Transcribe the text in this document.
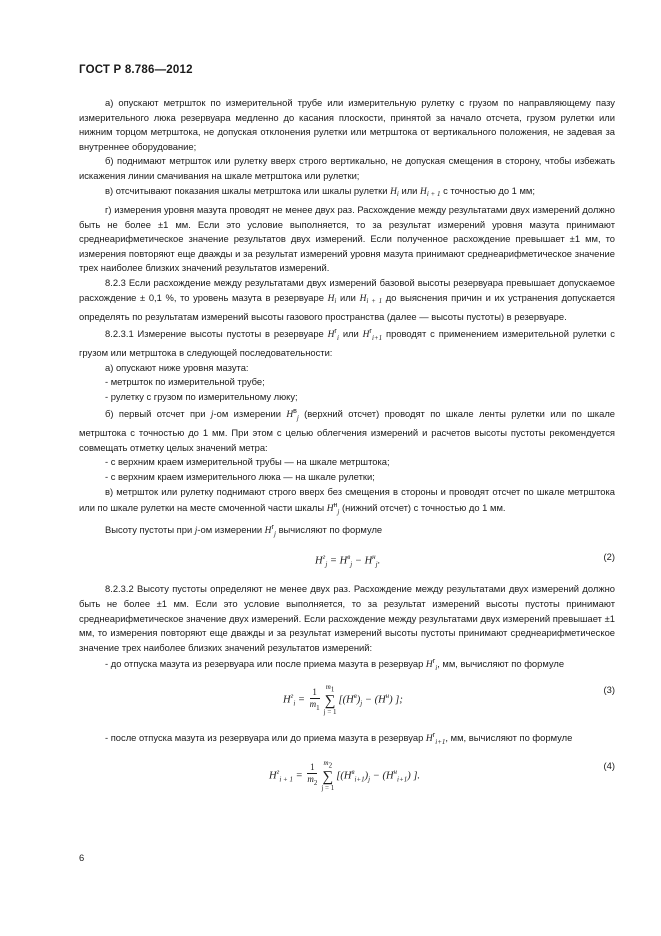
ГОСТ Р 8.786—2012

а) опускают метршток по измерительной трубе или измерительную рулетку с грузом по направляющему пазу измерительного люка резервуара медленно до касания плоскости, принятой за начало отсчета, грузом рулетки или нижним торцом метрштока, не допуская отклонения рулетки или метрштока от вертикального положения, не задевая за внутреннее оборудование;

б) поднимают метршток или рулетку вверх строго вертикально, не допуская смещения в сторону, чтобы избежать искажения линии смачивания на шкале метрштока или рулетки;

в) отсчитывают показания шкалы метрштока или шкалы рулетки $H_i$ или $H_{i + 1}$ с точностью до 1 мм;

г) измерения уровня мазута проводят не менее двух раз. Расхождение между результатами двух измерений должно быть не более ±1 мм. Если это условие выполняется, то за результат измерений уровня мазута принимают среднеарифметическое значение результатов двух измерений. Если полученное расхождение превышает ±1 мм, то измерения повторяют еще дважды и за результат измерений уровня мазута принимают среднеарифметическое значение трех наиболее близких значений результатов измерений.

8.2.3 Если расхождение между результатами двух измерений базовой высоты резервуара превышает допускаемое расхождение ± 0,1 %, то уровень мазута в резервуаре $H_i$ или $H_{i + 1}$ до выяснения причин и их устранения допускается определять по результатам измерений высоты газового пространства (далее — высоты пустоты) в резервуаре.

8.2.3.1 Измерение высоты пустоты в резервуаре $H^г_i$ или $H^г_{i+1}$ проводят с применением измерительной рулетки с грузом или метрштока в следующей последовательности:

а) опускают ниже уровня мазута:

- метршток по измерительной трубе;

- рулетку с грузом по измерительному люку;

б) первый отсчет при j-ом измерении $H^в_j$ (верхний отсчет) проводят по шкале ленты рулетки или по шкале метрштока с точностью до 1 мм. При этом с целью облегчения измерений и расчетов высоты пустоты рекомендуется совмещать отметку целых значений метра:

- с верхним краем измерительной трубы — на шкале метрштока;

- с верхним краем измерительного люка — на шкале рулетки;

в) метршток или рулетку поднимают строго вверх без смещения в стороны и проводят отсчет по шкале метрштока или по шкале рулетки на месте смоченной части шкалы $H^н_j$ (нижний отсчет) с точностью до 1 мм.

Высоту пустоты при j-ом измерении $H^г_j$ вычисляют по формуле

$H^г_j = H^в_j - H^н_j$.	(2)

8.2.3.2 Высоту пустоты определяют не менее двух раз. Расхождение между результатами двух измерений должно быть не более ±1 мм. Если это условие выполняется, то за результат измерений высоты пустоты принимают среднеарифметическое значение двух измерений. Если расхождение между результатами двух измерений превышает ±1 мм, то измерения повторяют еще дважды и за результат измерений высоты пустоты принимают среднеарифметическое значение трех наиболее близких значений результатов измерений:

- до отпуска мазута из резервуара или после приема мазута в резервуар $H^г_i$, мм, вычисляют по формуле

$H^г_i = \frac{1}{m_1} m_1$
∑
j = 1
[$(H^в)_j - (H^н)$ ];
(3)

- после отпуска мазута из резервуара или до приема мазута в резервуар $H^г_{i+1}$, мм, вычисляют по формуле

$H^г_{i + 1} = \frac{1}{m_2} m_2$
∑
j = 1
[$(H^в_{i+1})_j - (H^н_{i+1})$ ].
(4)
6
